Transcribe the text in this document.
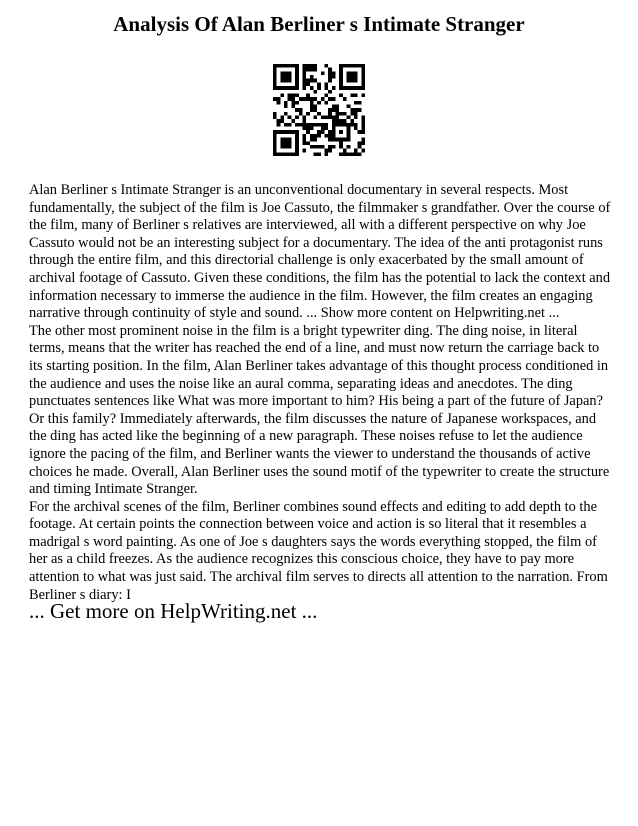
Analysis Of Alan Berliner s Intimate Stranger

Alan Berliner s Intimate Stranger is an unconventional documentary in several respects. Most fundamentally, the subject of the film is Joe Cassuto, the filmmaker s grandfather. Over the course of the film, many of Berliner s relatives are interviewed, all with a different perspective on why Joe Cassuto would not be an interesting subject for a documentary. The idea of the anti protagonist runs through the entire film, and this directorial challenge is only exacerbated by the small amount of archival footage of Cassuto. Given these conditions, the film has the potential to lack the context and information necessary to immerse the audience in the film. However, the film creates an engaging narrative through continuity of style and sound. ... Show more content on Helpwriting.net ...

The other most prominent noise in the film is a bright typewriter ding. The ding noise, in literal terms, means that the writer has reached the end of a line, and must now return the carriage back to its starting position. In the film, Alan Berliner takes advantage of this thought process conditioned in the audience and uses the noise like an aural comma, separating ideas and anecdotes. The ding punctuates sentences like What was more important to him? His being a part of the future of Japan? Or this family? Immediately afterwards, the film discusses the nature of Japanese workspaces, and the ding has acted like the beginning of a new paragraph. These noises refuse to let the audience ignore the pacing of the film, and Berliner wants the viewer to understand the thousands of active choices he made. Overall, Alan Berliner uses the sound motif of the typewriter to create the structure and timing Intimate Stranger.

For the archival scenes of the film, Berliner combines sound effects and editing to add depth to the footage. At certain points the connection between voice and action is so literal that it resembles a madrigal s word painting. As one of Joe s daughters says the words everything stopped, the film of her as a child freezes. As the audience recognizes this conscious choice, they have to pay more attention to what was just said. The archival film serves to directs all attention to the narration. From Berliner s diary: I

... Get more on HelpWriting.net ...
